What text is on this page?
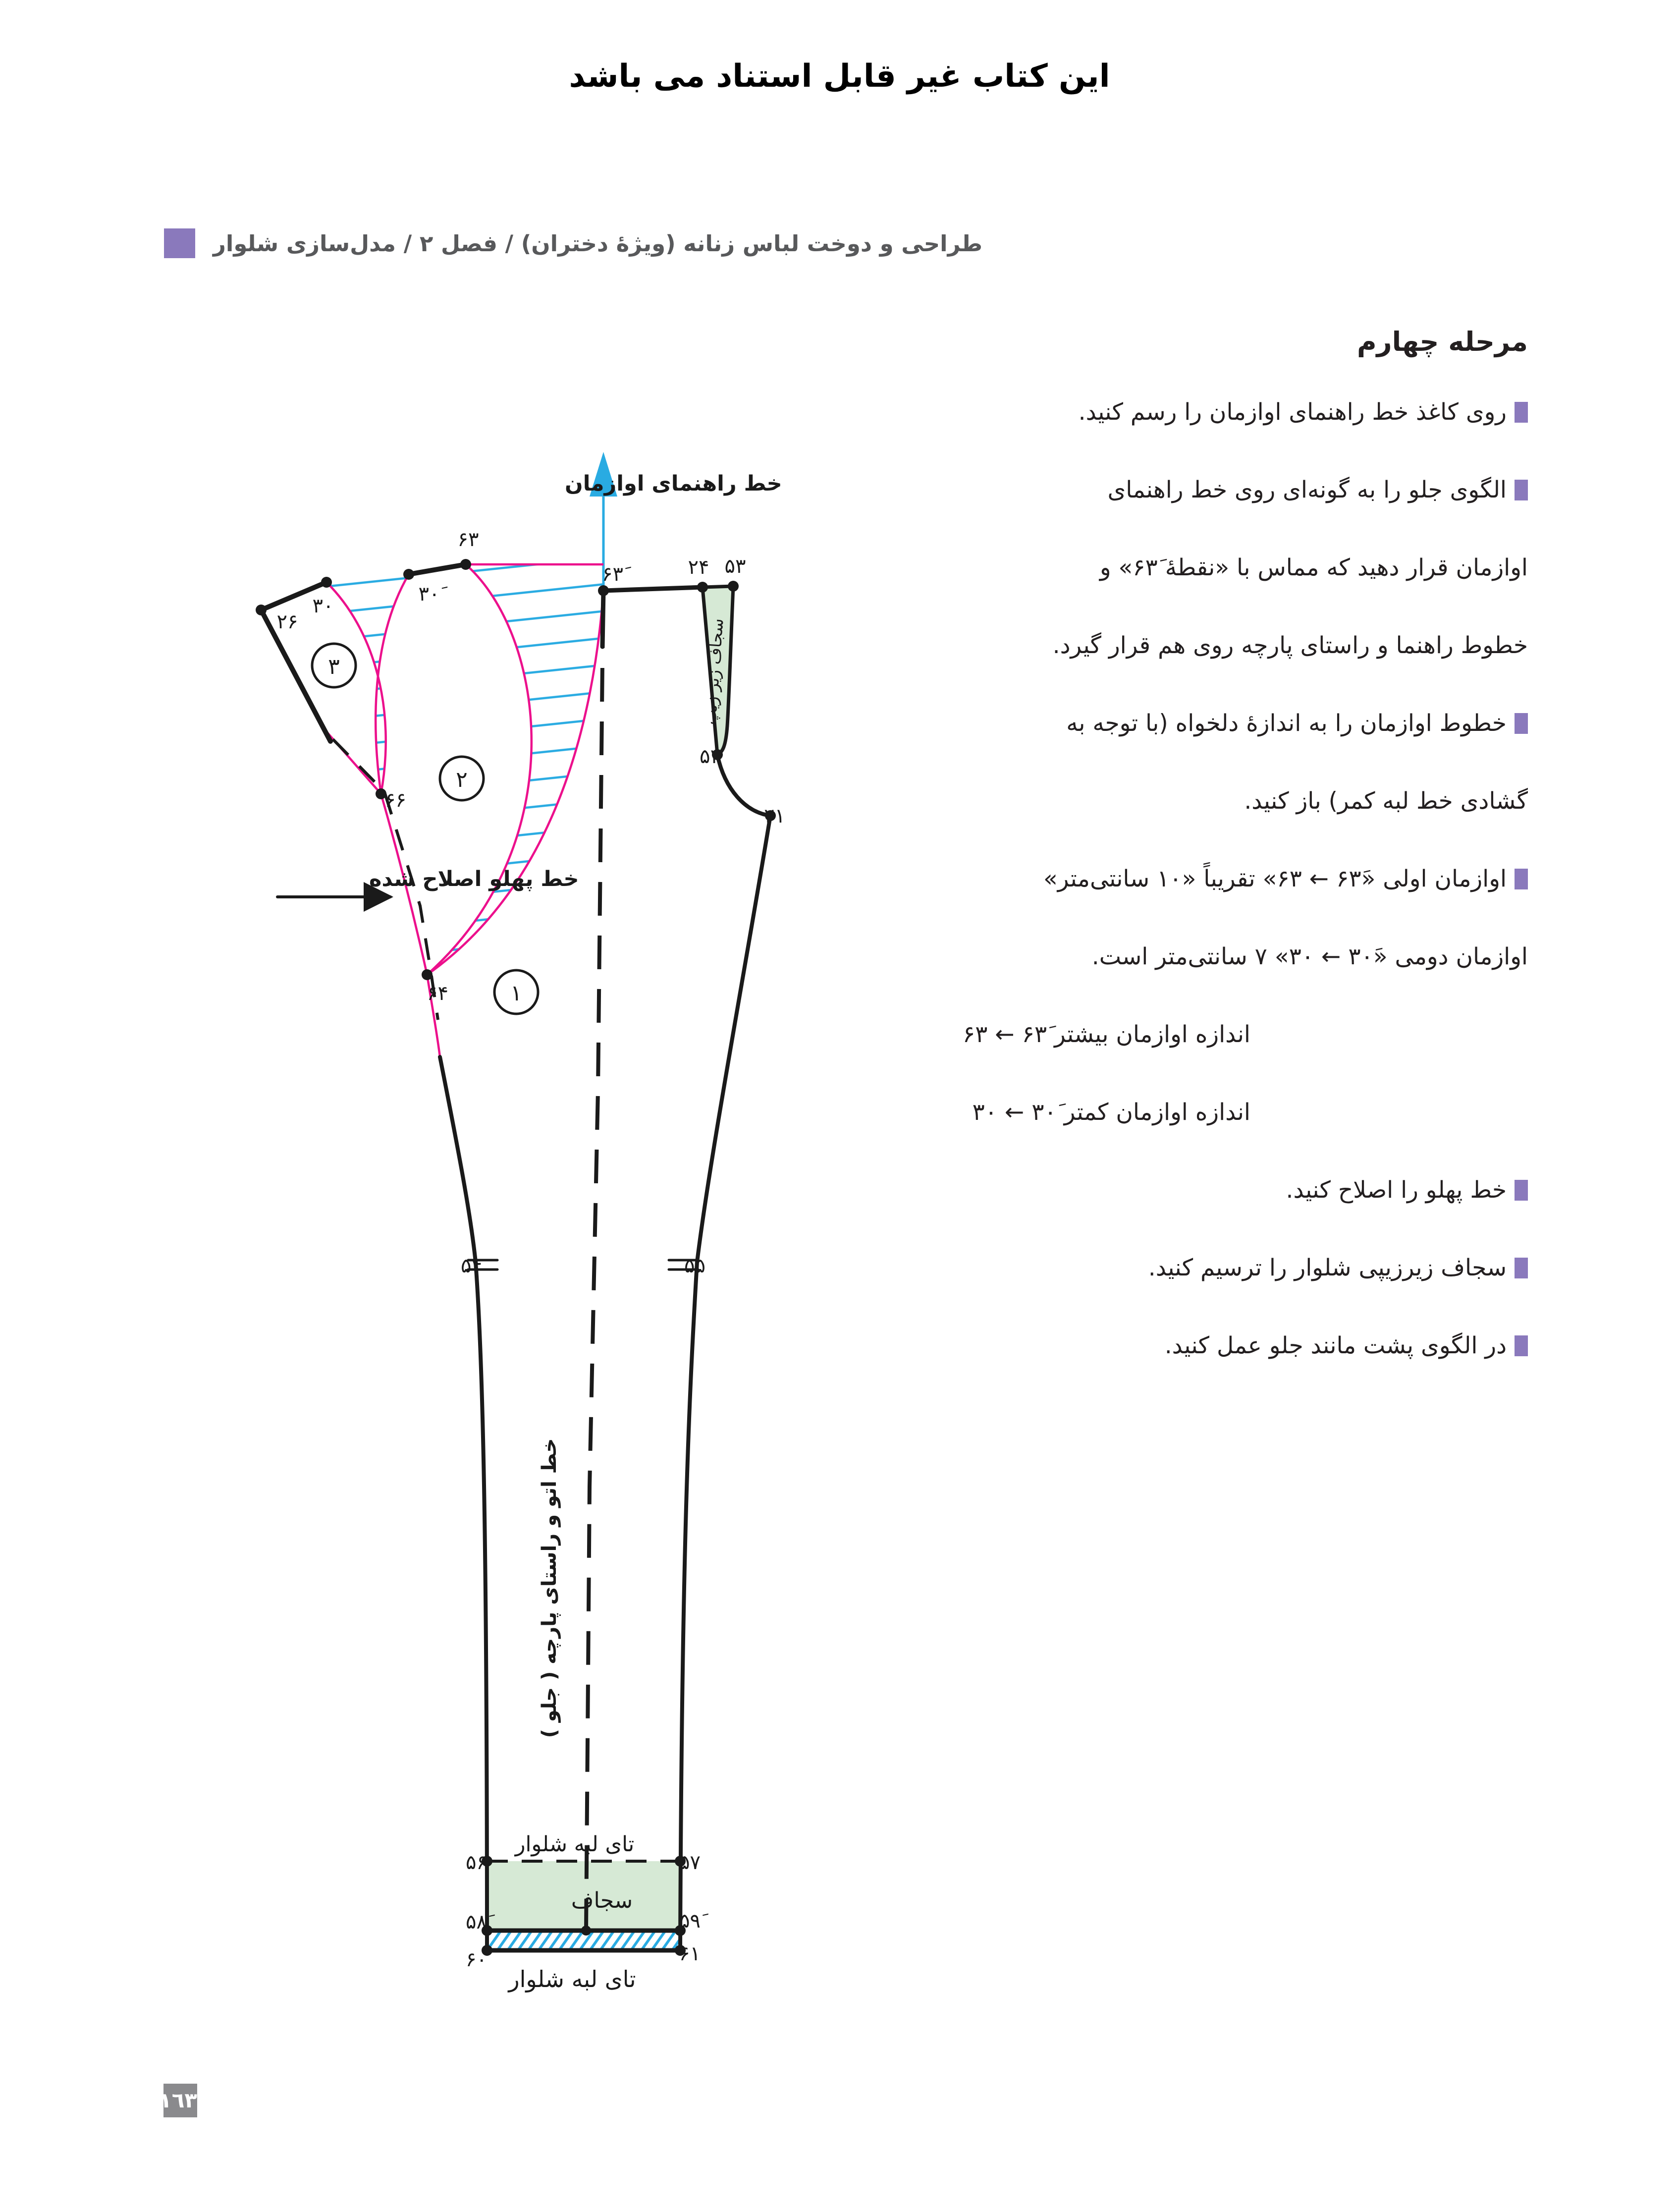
این کتاب غیر قابل استناد می باشد
طراحی و دوخت لباس زنانه (ویژهٔ دختران) / فصل ۲ / مدل‌سازی شلوار
مرحله چهارم
روی کاغذ خط راهنمای اوازمان را رسم کنید.
الگوی جلو را به گونه‌ای روی خط راهنمای
اوازمان قرار دهید که مماس با «نقطهٔ ۶۳َ» و
خطوط راهنما و راستای پارچه روی هم قرار گیرد.
خطوط اوازمان را به اندازهٔ دلخواه (با توجه به
گشادی خط لبه کمر) باز کنید.
اوازمان اولی «۶۳َ ← ۶۳» تقریباً «۱۰ سانتی‌متر»
اوازمان دومی «۳۰َ ← ۳۰» ۷ سانتی‌متر است.
اندازه اوازمان بیشتر ۶۳َ ← ۶۳
اندازه اوازمان کمتر ۳۰َ ← ۳۰
خط پهلو را اصلاح کنید.
سجاف زیرزیپی شلوار را ترسیم کنید.
در الگوی پشت مانند جلو عمل کنید.
۳
۲
۱
۶۳
۶۳َ	۲۴ ۵۳
۵۲
۲۱
۳۰َ
۳۰
۲۶
۶۶
۶۴
۵۴	۵۵
۵۶	۵۷
۵۸َ	۵۹َ
۶۰	۶۱
خط راهنمای اوازمان
خط پهلو اصلاح شده
خط اتو و راستای پارچه ( جلو )
سجاف زیر زیپ
تای لبه شلوار
سجاف
تای لبه شلوار
١٦٣
